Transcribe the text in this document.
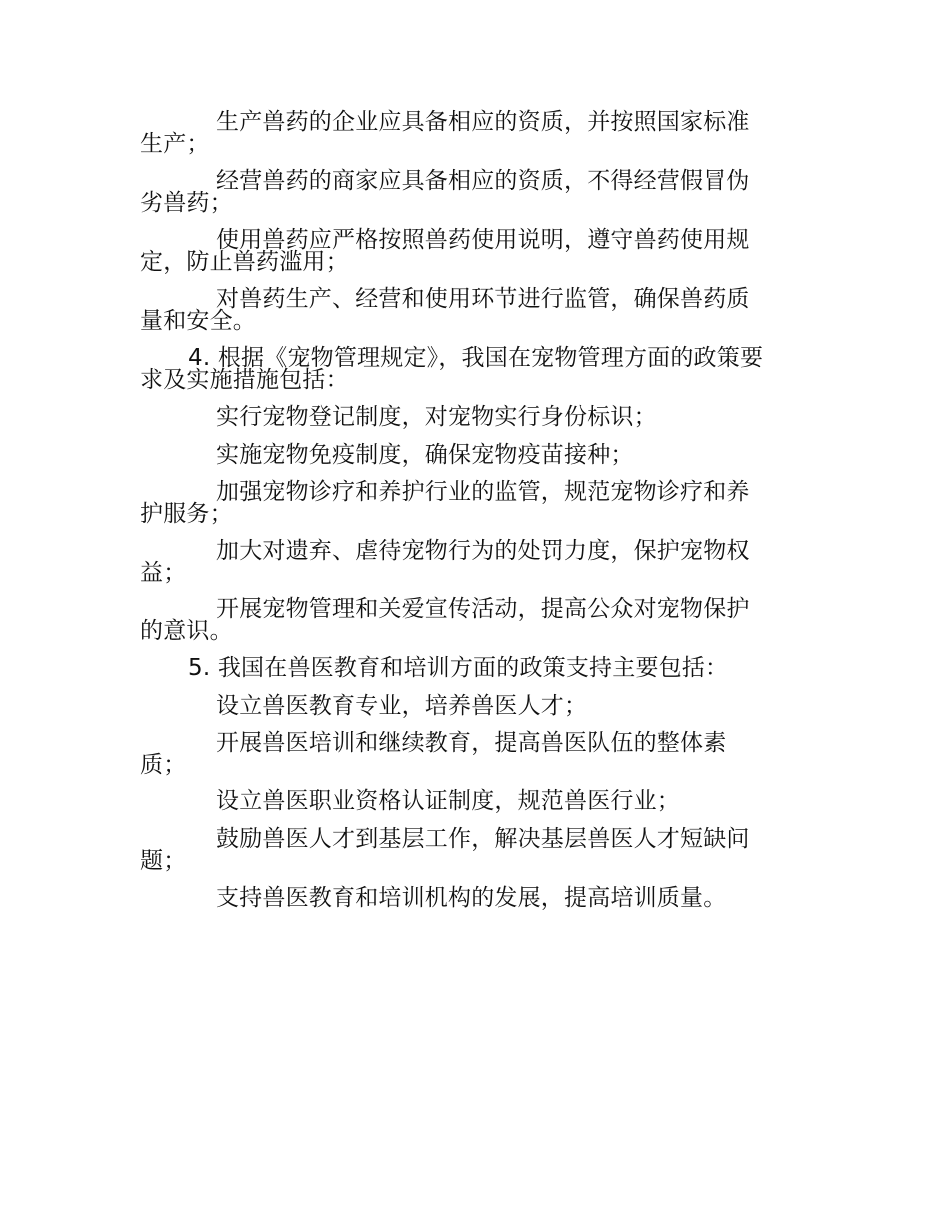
生产兽药的企业应具备相应的资质，并按照国家标准

生产；

经营兽药的商家应具备相应的资质，不得经营假冒伪

劣兽药；

使用兽药应严格按照兽药使用说明，遵守兽药使用规

定，防止兽药滥用；

对兽药生产、经营和使用环节进行监管，确保兽药质

量和安全。

4. 根据《宠物管理规定》，我国在宠物管理方面的政策要

求及实施措施包括：

实行宠物登记制度，对宠物实行身份标识；

实施宠物免疫制度，确保宠物疫苗接种；

加强宠物诊疗和养护行业的监管，规范宠物诊疗和养

护服务；

加大对遗弃、虐待宠物行为的处罚力度，保护宠物权

益；

开展宠物管理和关爱宣传活动，提高公众对宠物保护

的意识。

5. 我国在兽医教育和培训方面的政策支持主要包括：

设立兽医教育专业，培养兽医人才；

开展兽医培训和继续教育，提高兽医队伍的整体素

质；

设立兽医职业资格认证制度，规范兽医行业；

鼓励兽医人才到基层工作，解决基层兽医人才短缺问

题；

支持兽医教育和培训机构的发展，提高培训质量。
